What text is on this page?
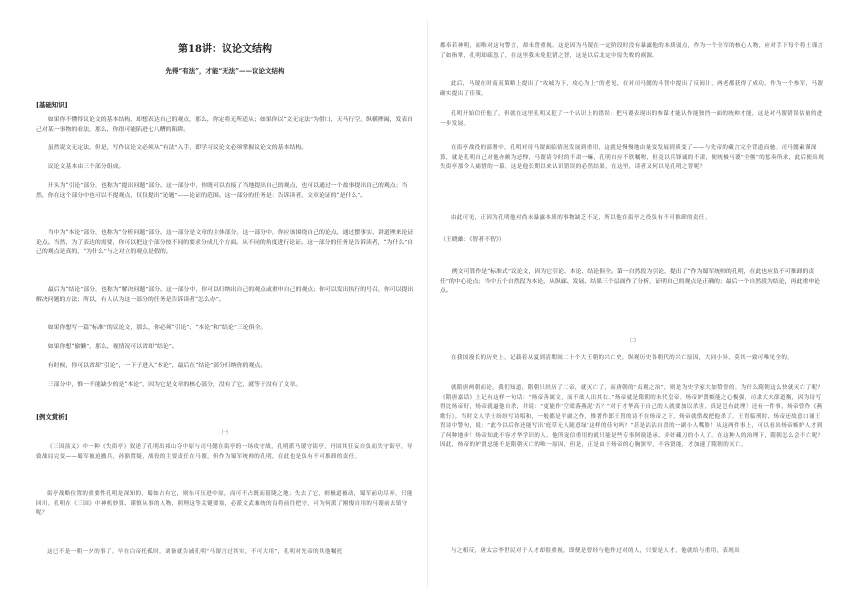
第18讲：议论文结构
先得“有法”，才能“无法”——议论文结构
[基础知识]

如果你不懂得议论文的基本结构，却想表达自己的观点，那么，你定将无所适从；如果你以“文无定法”为借口，天马行空，纵横捭阖，发表自己对某一事物的看法，那么，你很可能陷进七八糟的陷阱。

虽然说文无定法，但是，写作议论文必须从“有法”入手，即学习议论文必须掌握议论文的基本结构。

议论文基本由三个部分组成。

开头为“引论”部分，也称为“提出问题”部分。这一部分中，你既可以直接了当地提出自己的观点，也可以通过一个故事提出自己的观点；当然，你在这个部分中也可以不提观点，仅仅提出“论题”——论证的范围。这一部分的任务是：告诉读者，文章论证的“是什么”。

当中为“本论”部分，也称为“分析问题”部分。这一部分是文章的主体部分。这一部分中，你应该围绕自己的论点，通过摆事实、讲道理来论证论点。当然，为了表达的需要，你可以把这个部分按不同的要求分成几个方面。从不同的角度进行论证。这一部分的任务是告诉读者，“为什么”自己的观点是真的，“为什么”与之对立的观点是假的。

最后为“结论”部分，也称为“解决问题”部分。这一部分中，你可以归纳出自己的观点或重申自己的观点；你可以发出执行的号召，你可以提出解决问题的方法；所以，有人认为这一部分的任务是告诉读者“怎么办”。

如果你想写一篇“标准”的议论文，那么，你必须“引论”、“本论”和“结论”三论俱全。

如果你想“偷懒”，那么，视情况可以省却“结论”。

有时候，你可以省却“引论”，一下子进入“本论”，最后在“结论”部分归纳你的观点。

三部分中，惟一不能缺少的是“本论”，因为它是文章的核心部分，没有了它，就等于没有了文章。

[例文赏析]
㈠

《三国演义》中一种《失街亭》叙述了孔明出祁山夺中原与司马懿在街亭的一场攻守战，孔明派马谡守街亭，丹国其狂妄自负而失守街亭，导致战局完变——蜀军被迫撤兵，孙豁置疑，战役的主要责任在马谡，但作为蜀军统帅的孔明，在此也是负有不可推卸的责任。

街亭战略位置的重要性孔明是深知的，蜀如占有它，则东可压进中原，而可不占既而留陇之地；失去了它，则极道被动，蜀军前功尽弃，只能回川。孔明在《三国》中神机妙算、谨慎从事的人物，照理这等关键要塞，必派文武兼统的良将前往把守，可为何派了刚愎自用的马谡前去镇守呢？

这已不是一朝一夕的事了。早在白帝托孤时，刘备就告诫孔明“马谡言过其实，不可大用”，孔明对先帝的其他嘱托

都奉若神明，而唯对这句警言，却未曾重视。这是因为马谡在一定阶段时没有暴露他的本质弱点，作为一个全军的核心人物，应对手下每个将士谨言了如指掌，孔明却疏忽了，在这里我未免犯错之智，这是以后北定中原失败的祸源。

此后，马谡在时南夷策略上提出了“攻城为下，攻心为上”的老见，在对司马懿的斗智中提出了反间计，两老都获得了成功，作为一个参军，马谡确实提出了佳策。

孔明开始信任他了，但就在这里孔明又犯了一个认识上的错误：把马谡表现出的参谋才能认作能独挡一面的统帅才能，这是对马谡错误估量的进一步发展。

在街亭战役的部署中，孔明对待马谡面临情况发展到重用，这就是慢慢地由量变发展到质变了——与先帝的藏言完全背道而驰。司马懿素谨深算，就是孔明自己对他亦颇为忌惮，马谡请令时的不肃一嘛，孔明自应不欣嘱咐，但竟以兵锋诚的不肃，便统极马谡“全舰”的惩奏所求，此后便出现失街亭那令人痛惜的一幕，这是他长期以来认识错误的必然结果，在这里，读者又何以见孔明之智呢？

由此可见，正因为孔明他对尚未暴露本质的事物缺乏不足，所以他在街亭之役负有不可推卸的责任。

（王晓雄：《智者不智》）

例文可算作是“标准式”议论文，因为它引论、本论、结论俱全。第一自然段为引论，提出了“作为蜀军统帅的孔明，在此也应负不可推卸的责任”的中心论点；当中五个自然段为本论，从纵廊、发展、结果三个层面作了分析，证明自己的观点是正确的；最后一个自然段为结论，再此重申论点。

㈡

在我国漫长的历史上，记载着从夏到清期间二十个大王朝的兴亡史。纵观历史各朝代的兴亡原因，大同小异，莫其一致可唯见全的。

就隋唐两朝而论，我们知道，隋朝只经历了二帝，就灭亡了，而唐朝的“贞观之治”，则是为史学家大加赞誉的。为什么隋朝这么快就灭亡了呢？《隋唐嘉话》上记有这样一句话：“炀帝善属文，而不欲人出其右。”炀帝就是隋朝的末代皇帝。炀帝妒贤嫉能之心极强，司隶大夫薛道衡，因为诗写得比炀帝好，炀帝就逼他自杀，并说：“更能作‘空梁落燕泥’否？”对于才华高于自己的人就要加以杀害，真是岂有此理！还有一件事，炀帝曾作《燕歌行》，当时文人学士纷纷写诗唱和，一般都是平庸之作，惟著作郎王胄的诗不在炀帝之下，炀帝就借故把他杀了。王胄临刑时，炀帝还故意口诵王胄诗中警句，说：“此今以后你还能写出‘庭草无人随意绿’这样的佳句吗？”甚是沾沾自喜的一副小人嘴脸！从这两件事上，可以看出炀帝嫉妒人才到了何种地步！炀帝知此不容才华学识的人，他所宠信重用的就只能是些专事阿谀逢承、弄奸藏刀的小人了。在这种人的治理下，隋朝怎么会不亡呢？因此，炀帝的妒贤忌能不是隋朝灭亡的唯一原因，但是，正是由于炀帝的心胸狭窄，不容贤能，才加速了隋朝的灭亡。

与之相反，唐太宗李世民对于人才却很重视，即便是曾经与他作过对的人，只要是人才，他就给与重用，表现出
